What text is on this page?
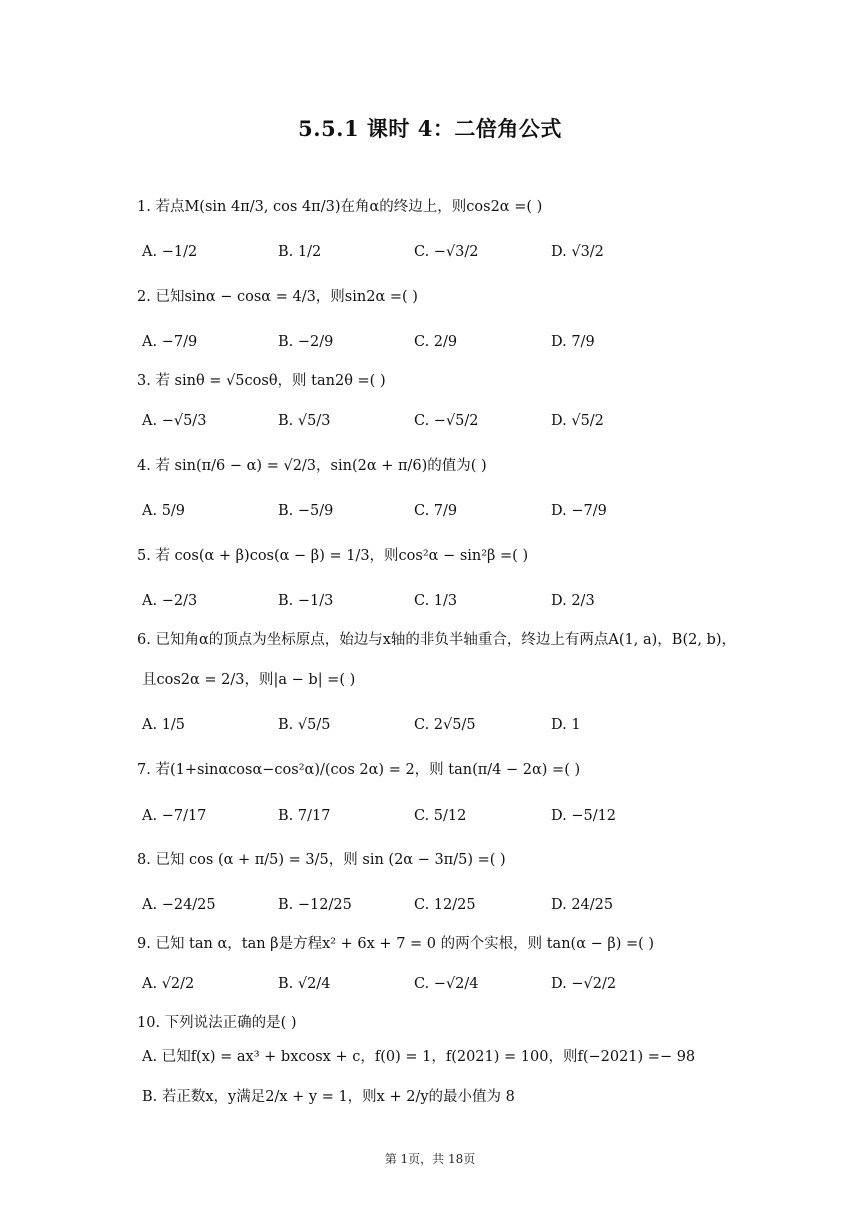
5.5.1 课时 4：二倍角公式
1. 若点M(sin 4π/3, cos 4π/3)在角α的终边上，则cos2α =( )
A. −1/2	B. 1/2	C. −√3/2	D. √3/2
2. 已知sinα − cosα = 4/3，则sin2α =( )
A. −7/9	B. −2/9	C. 2/9	D. 7/9
3. 若 sinθ = √5cosθ，则 tan2θ =( )
A. −√5/3	B. √5/3	C. −√5/2	D. √5/2
4. 若 sin(π/6 − α) = √2/3，sin(2α + π/6)的值为( )
A. 5/9	B. −5/9	C. 7/9	D. −7/9
5. 若 cos(α + β)cos(α − β) = 1/3，则cos²α − sin²β =( )
A. −2/3	B. −1/3	C. 1/3	D. 2/3
6. 已知角α的顶点为坐标原点，始边与x轴的非负半轴重合，终边上有两点A(1, a)，B(2, b)，
且cos2α = 2/3，则|a − b| =( )
A. 1/5	B. √5/5	C. 2√5/5	D. 1
7. 若(1+sinαcosα−cos²α)/(cos 2α) = 2，则 tan(π/4 − 2α) =( )
A. −7/17	B. 7/17	C. 5/12	D. −5/12
8. 已知 cos (α + π/5) = 3/5，则 sin (2α − 3π/5) =( )
A. −24/25	B. −12/25	C. 12/25	D. 24/25
9. 已知 tan α，tan β是方程x² + 6x + 7 = 0 的两个实根，则 tan(α − β) =( )
A. √2/2	B. √2/4	C. −√2/4	D. −√2/2
10. 下列说法正确的是( )
A. 已知f(x) = ax³ + bxcosx + c，f(0) = 1，f(2021) = 100，则f(−2021) =− 98
B. 若正数x，y满足2/x + y = 1，则x + 2/y的最小值为 8
第 1页，共 18页
